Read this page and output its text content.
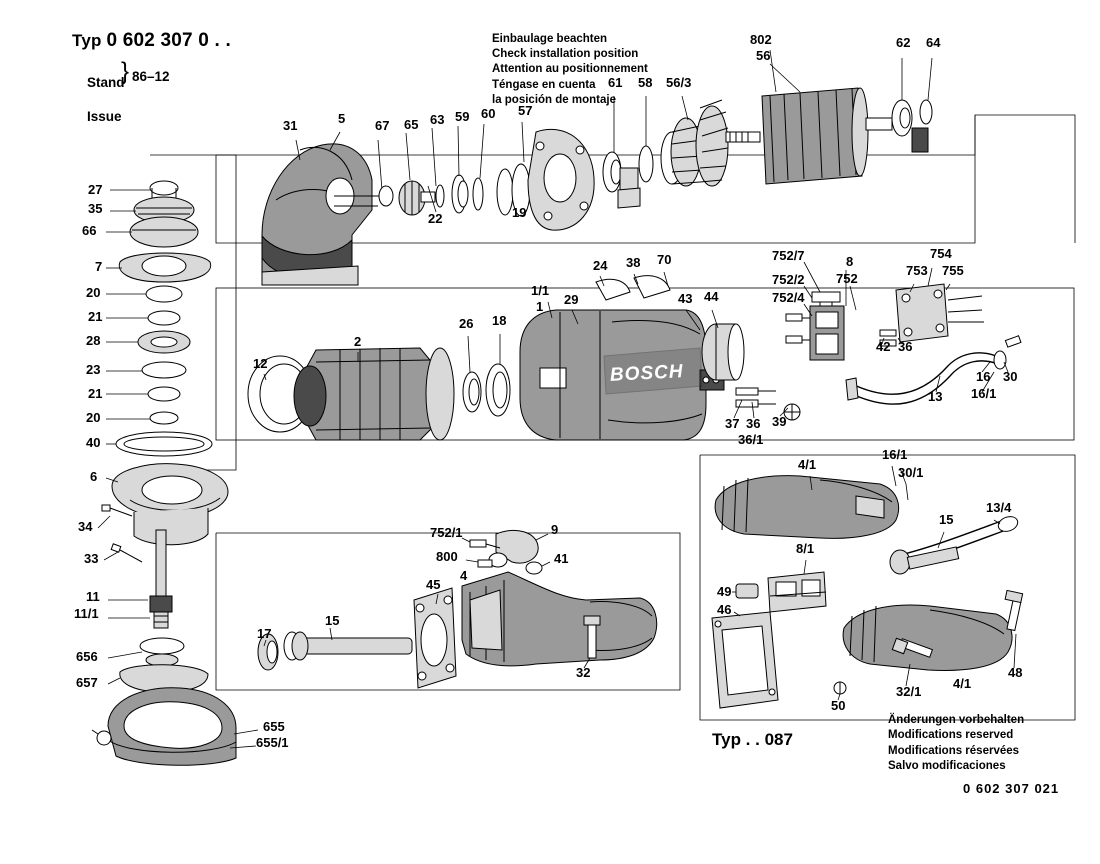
Typ 0 602 307 0 . .

Stand

Issue

}

86–12

Einbaulage beachten
Check installation position
Attention au positionnement
Téngase en cuenta
la posición de montaje
Typ . . 087
Änderungen vorbehalten
Modifications reserved
Modifications réservées
Salvo modificaciones
0 602 307 021
BOSCH
31	5 67 65 63 59 60 57
61 58 56/3
802
56
62 64
22	19
27
35
66
7
20
21
28
23
21
20
40
6
34
33
11
11/1
656
657
655
655/1
12
2
26 18
1/1
1 29
24 38 70
43 44
752/7
752/2
752/4
8
752
754
753 755
42 36
13
16 30
16/1
37 36 39
36/1
4/1
16/1
30/1
15
13/4
8/1
49
46
50
32/1
4/1
48
752/1	9
800	41
45
4
17
15
32
